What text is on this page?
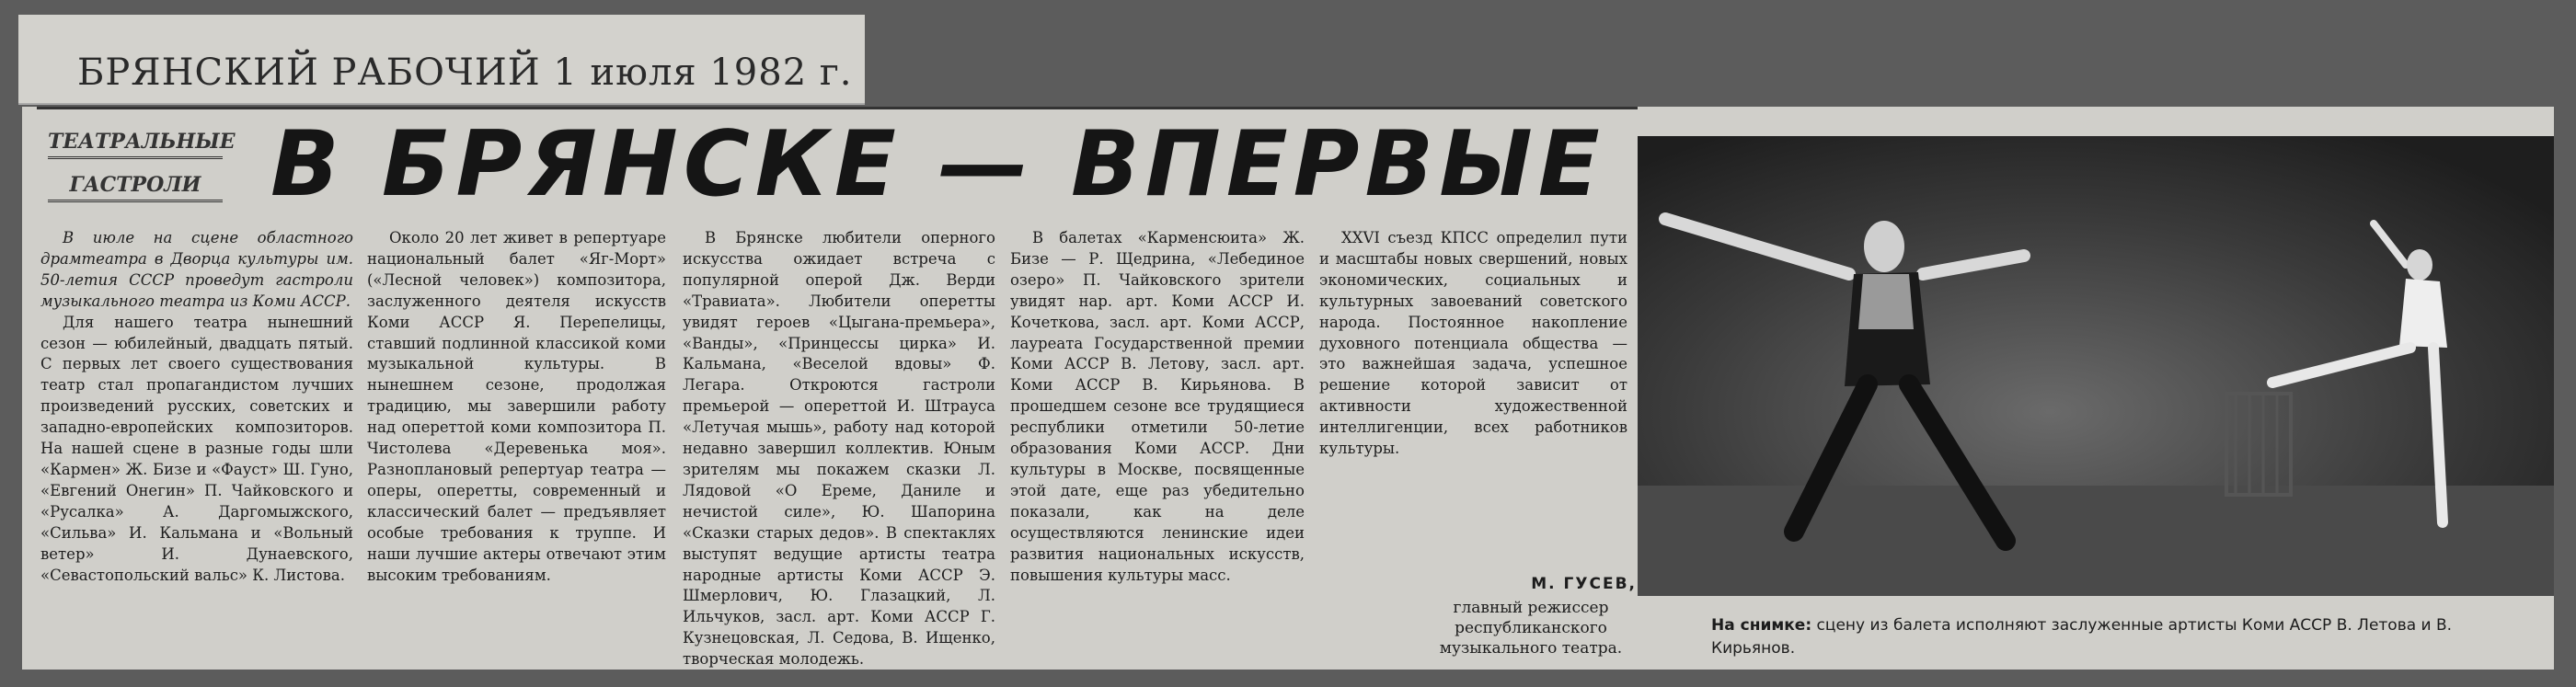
БРЯНСКИЙ РАБОЧИЙ 1 июля 1982 г.
ТЕАТРАЛЬНЫЕ
ГАСТРОЛИ В БРЯНСКЕ — ВПЕРВЫЕ

В июле на сцене областного драмтеатра в Дворца культуры им. 50-летия СССР проведут гастроли музыкального театра из Коми АССР.

Для нашего театра нынешний сезон — юбилейный, двадцать пятый. С первых лет своего существования театр стал пропагандистом лучших произведений русских, советских и западно-европейских композиторов. На нашей сцене в разные годы шли «Кармен» Ж. Бизе и «Фауст» Ш. Гуно, «Евгений Онегин» П. Чайковского и «Русалка» А. Даргомыжского, «Сильва» И. Кальмана и «Вольный ветер» И. Дунаевского, «Севастопольский вальс» К. Листова.

Около 20 лет живет в репертуаре национальный балет «Яг-Морт» («Лесной человек») композитора, заслуженного деятеля искусств Коми АССР Я. Перепелицы, ставший подлинной классикой коми музыкальной культуры. В нынешнем сезоне, продолжая традицию, мы завершили работу над опереттой коми композитора П. Чистолева «Деревенька моя». Разноплановый репертуар театра — оперы, оперетты, современный и классический балет — предъявляет особые требования к труппе. И наши лучшие актеры отвечают этим высоким требованиям.

В Брянске любители оперного искусства ожидает встреча с популярной оперой Дж. Верди «Травиата». Любители оперетты увидят героев «Цыгана-премьера», «Ванды», «Принцессы цирка» И. Кальмана, «Веселой вдовы» Ф. Легара. Откроются гастроли премьерой — опереттой И. Штрауса «Летучая мышь», работу над которой недавно завершил коллектив. Юным зрителям мы покажем сказки Л. Лядовой «О Ереме, Даниле и нечистой силе», Ю. Шапорина «Сказки старых дедов». В спектаклях выступят ведущие артисты театра народные артисты Коми АССР Э. Шмерлович, Ю. Глазацкий, Л. Ильчуков, засл. арт. Коми АССР Г. Кузнецовская, Л. Седова, В. Ищенко, творческая молодежь.

В балетах «Карменсюита» Ж. Бизе — Р. Щедрина, «Лебединое озеро» П. Чайковского зрители увидят нар. арт. Коми АССР И. Кочеткова, засл. арт. Коми АССР, лауреата Государственной премии Коми АССР В. Летову, засл. арт. Коми АССР В. Кирьянова. В прошедшем сезоне все трудящиеся республики отметили 50-летие образования Коми АССР. Дни культуры в Москве, посвященные этой дате, еще раз убедительно показали, как на деле осуществляются ленинские идеи развития национальных искусств, повышения культуры масс.

XXVI съезд КПСС определил пути и масштабы новых свершений, новых экономических, социальных и культурных завоеваний советского народа. Постоянное накопление духовного потенциала общества — это важнейшая задача, успешное решение которой зависит от активности художественной интеллигенции, всех работников культуры.

М. ГУСЕВ,
главный режиссер
республиканского
музыкального театра.
На снимке: сцену из балета исполняют заслуженные артисты Коми АССР В. Летова и В. Кирьянов.
